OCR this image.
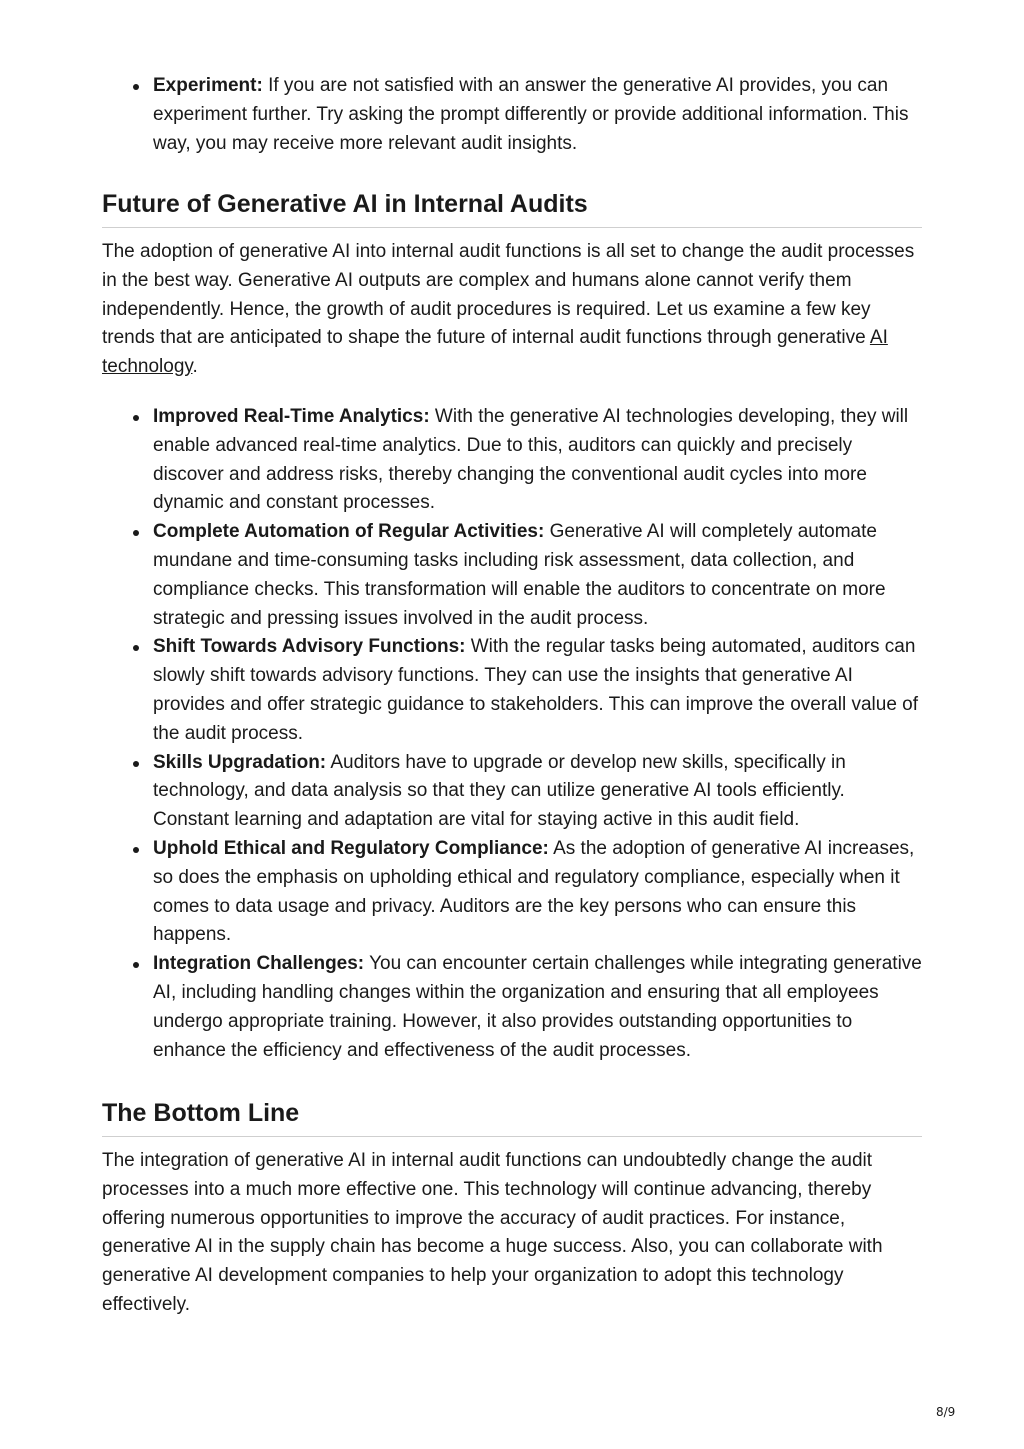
Experiment: If you are not satisfied with an answer the generative AI provides, you can experiment further. Try asking the prompt differently or provide additional information. This way, you may receive more relevant audit insights.
Future of Generative AI in Internal Audits

The adoption of generative AI into internal audit functions is all set to change the audit processes in the best way. Generative AI outputs are complex and humans alone cannot verify them independently. Hence, the growth of audit procedures is required. Let us examine a few key trends that are anticipated to shape the future of internal audit functions through generative AI technology.

Improved Real-Time Analytics: With the generative AI technologies developing, they will enable advanced real-time analytics. Due to this, auditors can quickly and precisely discover and address risks, thereby changing the conventional audit cycles into more dynamic and constant processes.
Complete Automation of Regular Activities: Generative AI will completely automate mundane and time-consuming tasks including risk assessment, data collection, and compliance checks. This transformation will enable the auditors to concentrate on more strategic and pressing issues involved in the audit process.
Shift Towards Advisory Functions: With the regular tasks being automated, auditors can slowly shift towards advisory functions. They can use the insights that generative AI provides and offer strategic guidance to stakeholders. This can improve the overall value of the audit process.
Skills Upgradation: Auditors have to upgrade or develop new skills, specifically in technology, and data analysis so that they can utilize generative AI tools efficiently. Constant learning and adaptation are vital for staying active in this audit field.
Uphold Ethical and Regulatory Compliance: As the adoption of generative AI increases, so does the emphasis on upholding ethical and regulatory compliance, especially when it comes to data usage and privacy. Auditors are the key persons who can ensure this happens.
Integration Challenges: You can encounter certain challenges while integrating generative AI, including handling changes within the organization and ensuring that all employees undergo appropriate training. However, it also provides outstanding opportunities to enhance the efficiency and effectiveness of the audit processes.
The Bottom Line

The integration of generative AI in internal audit functions can undoubtedly change the audit processes into a much more effective one. This technology will continue advancing, thereby offering numerous opportunities to improve the accuracy of audit practices. For instance, generative AI in the supply chain has become a huge success. Also, you can collaborate with generative AI development companies to help your organization to adopt this technology effectively.

8/9
